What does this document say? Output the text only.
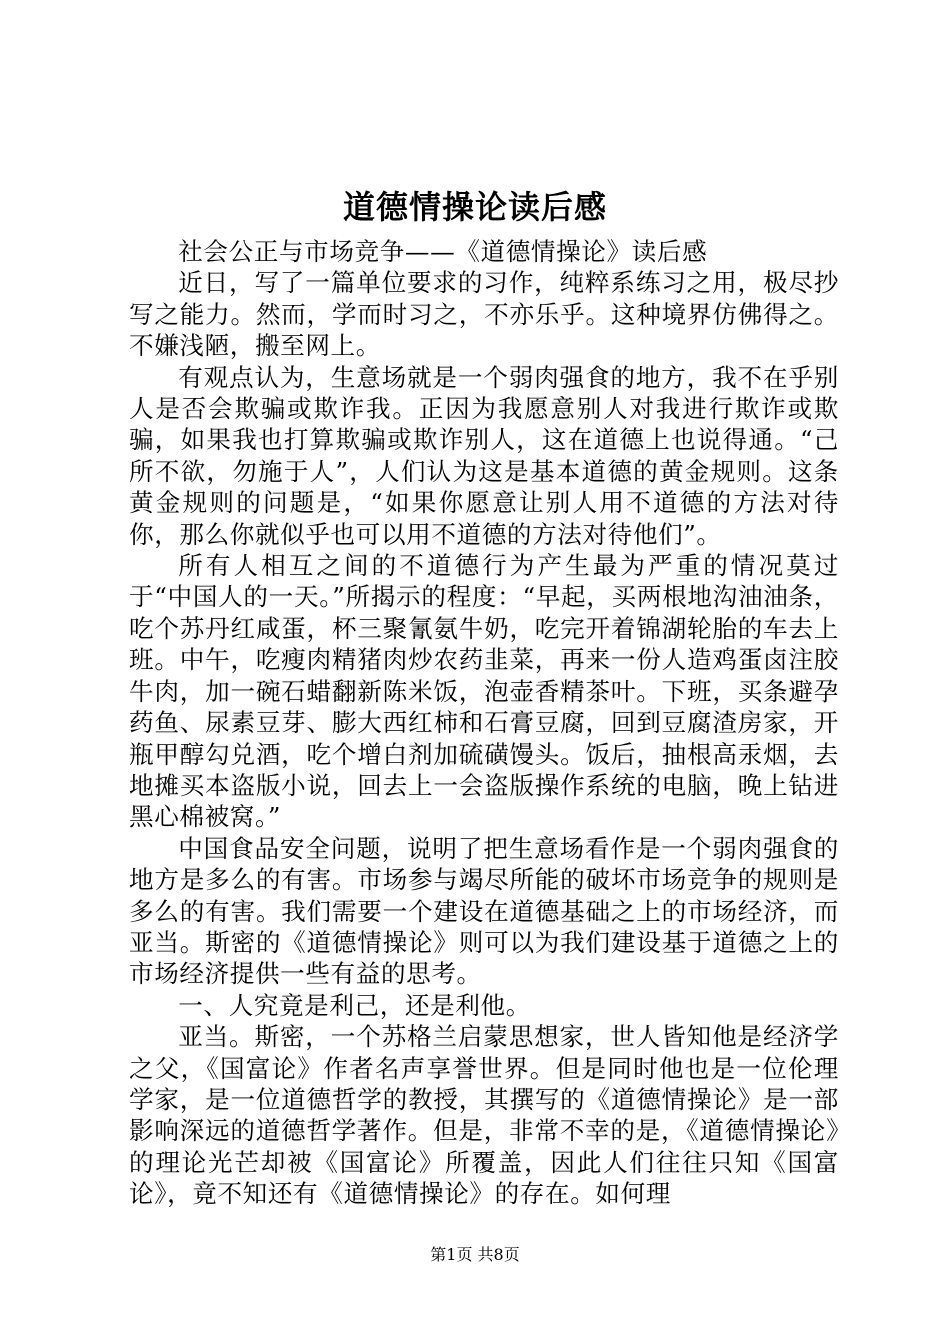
道德情操论读后感

社会公正与市场竞争——《道德情操论》读后感

近日，写了一篇单位要求的习作，纯粹系练习之用，极尽抄写之能力。然而，学而时习之，不亦乐乎。这种境界仿佛得之。不嫌浅陋，搬至网上。

有观点认为，生意场就是一个弱肉强食的地方，我不在乎别人是否会欺骗或欺诈我。正因为我愿意别人对我进行欺诈或欺骗，如果我也打算欺骗或欺诈别人，这在道德上也说得通。“己所不欲，勿施于人”，人们认为这是基本道德的黄金规则。这条黄金规则的问题是，“如果你愿意让别人用不道德的方法对待你，那么你就似乎也可以用不道德的方法对待他们”。

所有人相互之间的不道德行为产生最为严重的情况莫过于“中国人的一天。”所揭示的程度：“早起，买两根地沟油油条，吃个苏丹红咸蛋，杯三聚氰氨牛奶，吃完开着锦湖轮胎的车去上班。中午，吃瘦肉精猪肉炒农药韭菜，再来一份人造鸡蛋卤注胶牛肉，加一碗石蜡翻新陈米饭，泡壶香精茶叶。下班，买条避孕药鱼、尿素豆芽、膨大西红柿和石膏豆腐，回到豆腐渣房家，开瓶甲醇勾兑酒，吃个增白剂加硫磺馒头。饭后，抽根高汞烟，去地摊买本盗版小说，回去上一会盗版操作系统的电脑，晚上钻进黑心棉被窝。”

中国食品安全问题，说明了把生意场看作是一个弱肉强食的地方是多么的有害。市场参与竭尽所能的破坏市场竞争的规则是多么的有害。我们需要一个建设在道德基础之上的市场经济，而亚当。斯密的《道德情操论》则可以为我们建设基于道德之上的市场经济提供一些有益的思考。

一、人究竟是利己，还是利他。

亚当。斯密，一个苏格兰启蒙思想家，世人皆知他是经济学之父，《国富论》作者名声享誉世界。但是同时他也是一位伦理学家，是一位道德哲学的教授，其撰写的《道德情操论》是一部影响深远的道德哲学著作。但是，非常不幸的是，《道德情操论》的理论光芒却被《国富论》所覆盖，因此人们往往只知《国富论》，竟不知还有《道德情操论》的存在。如何理

第1页 共8页
